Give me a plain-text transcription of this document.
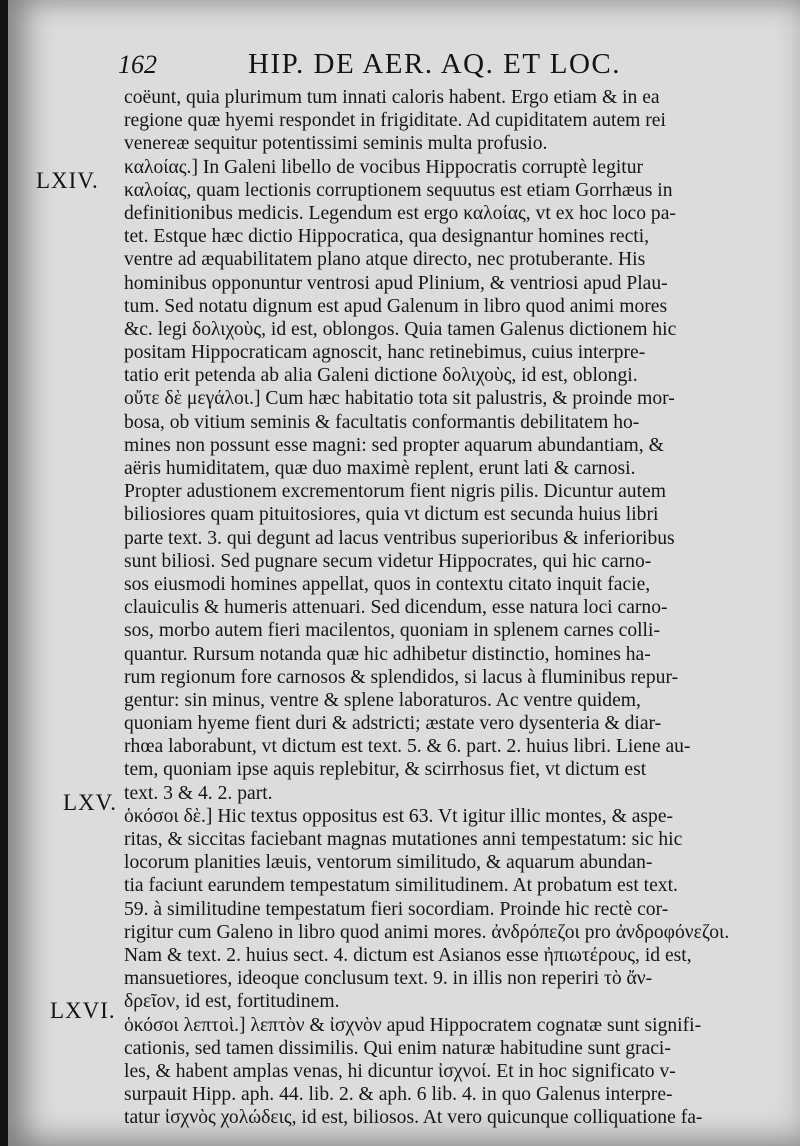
162	HIP. DE AER. AQ. ET LOC.
LXIV.
LXV.
LXVI.
coëunt, quia plurimum tum innati caloris habent. Ergo etiam & in ea
regione quæ hyemi respondet in frigiditate. Ad cupiditatem autem rei
venereæ sequitur potentissimi seminis multa profusio.
καλοίας.] In Galeni libello de vocibus Hippocratis corruptè legitur
καλοίας, quam lectionis corruptionem sequutus est etiam Gorrhæus in
definitionibus medicis. Legendum est ergo καλοίας, vt ex hoc loco pa-
tet. Estque hæc dictio Hippocratica, qua designantur homines recti,
ventre ad æquabilitatem plano atque directo, nec protuberante. His
hominibus opponuntur ventrosi apud Plinium, & ventriosi apud Plau-
tum. Sed notatu dignum est apud Galenum in libro quod animi mores
&c. legi δολιχοὺς, id est, oblongos. Quia tamen Galenus dictionem hic
positam Hippocraticam agnoscit, hanc retinebimus, cuius interpre-
tatio erit petenda ab alia Galeni dictione δολιχοὺς, id est, oblongi.
οὔτε δὲ μεγάλοι.] Cum hæc habitatio tota sit palustris, & proinde mor-
bosa, ob vitium seminis & facultatis conformantis debilitatem ho-
mines non possunt esse magni: sed propter aquarum abundantiam, &
aëris humiditatem, quæ duo maximè replent, erunt lati & carnosi.
Propter adustionem excrementorum fient nigris pilis. Dicuntur autem
biliosiores quam pituitosiores, quia vt dictum est secunda huius libri
parte text. 3. qui degunt ad lacus ventribus superioribus & inferioribus
sunt biliosi. Sed pugnare secum videtur Hippocrates, qui hic carno-
sos eiusmodi homines appellat, quos in contextu citato inquit facie,
clauiculis & humeris attenuari. Sed dicendum, esse natura loci carno-
sos, morbo autem fieri macilentos, quoniam in splenem carnes colli-
quantur. Rursum notanda quæ hic adhibetur distinctio, homines ha-
rum regionum fore carnosos & splendidos, si lacus à fluminibus repur-
gentur: sin minus, ventre & splene laboraturos. Ac ventre quidem,
quoniam hyeme fient duri & adstricti; æstate vero dysenteria & diar-
rhœa laborabunt, vt dictum est text. 5. & 6. part. 2. huius libri. Liene au-
tem, quoniam ipse aquis replebitur, & scirrhosus fiet, vt dictum est
text. 3 & 4. 2. part.
ὁκόσοι δὲ.] Hic textus oppositus est 63. Vt igitur illic montes, & aspe-
ritas, & siccitas faciebant magnas mutationes anni tempestatum: sic hic
locorum planities læuis, ventorum similitudo, & aquarum abundan-
tia faciunt earundem tempestatum similitudinem. At probatum est text.
59. à similitudine tempestatum fieri socordiam. Proinde hic rectè cor-
rigitur cum Galeno in libro quod animi mores. ἀνδρόπεζοι pro ἀνδροφόνεζοι.
Nam & text. 2. huius sect. 4. dictum est Asianos esse ἠπιωτέρους, id est,
mansuetiores, ideoque conclusum text. 9. in illis non reperiri τὸ ἄν-
δρεῖον, id est, fortitudinem.
ὁκόσοι λεπτοὶ.] λεπτὸν & ἰσχνὸν apud Hippocratem cognatæ sunt signifi-
cationis, sed tamen dissimilis. Qui enim naturæ habitudine sunt graci-
les, & habent amplas venas, hi dicuntur ἰσχνοί. Et in hoc significato v-
surpauit Hipp. aph. 44. lib. 2. & aph. 6 lib. 4. in quo Galenus interpre-
tatur ἰσχνὸς χολώδεις, id est, biliosos. At vero quicunque colliquatione fa-
